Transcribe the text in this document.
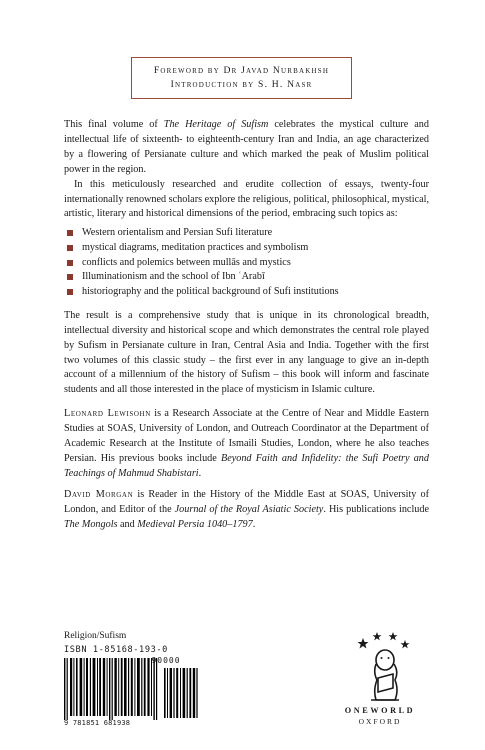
Foreword by Dr Javad Nurbakhsh
Introduction by S. H. Nasr

This final volume of The Heritage of Sufism celebrates the mystical culture and intellectual life of sixteenth- to eighteenth-century Iran and India, an age characterized by a flowering of Persianate culture and which marked the peak of Muslim political power in the region.

In this meticulously researched and erudite collection of essays, twenty-four internationally renowned scholars explore the religious, political, philosophical, mystical, artistic, literary and historical dimensions of the period, embracing such topics as:

Western orientalism and Persian Sufi literature
mystical diagrams, meditation practices and symbolism
conflicts and polemics between mullās and mystics
Illuminationism and the school of Ibn ʿArabī
historiography and the political background of Sufi institutions

The result is a comprehensive study that is unique in its chronological breadth, intellectual diversity and historical scope and which demonstrates the central role played by Sufism in Persianate culture in Iran, Central Asia and India. Together with the first two volumes of this classic study – the first ever in any language to give an in-depth account of a millennium of the history of Sufism – this book will inform and fascinate students and all those interested in the place of mysticism in Islamic culture.

Leonard Lewisohn is a Research Associate at the Centre of Near and Middle Eastern Studies at SOAS, University of London, and Outreach Coordinator at the Department of Academic Research at the Institute of Ismaili Studies, London, where he also teaches Persian. His previous books include Beyond Faith and Infidelity: the Sufi Poetry and Teachings of Mahmud Shabistari.

David Morgan is Reader in the History of the Middle East at SOAS, University of London, and Editor of the Journal of the Royal Asiatic Society. His publications include The Mongols and Medieval Persia 1040–1797.

Religion/Sufism
ISBN 1-85168-193-0
90000
9 781851 681938
ONEWORLD
OXFORD
